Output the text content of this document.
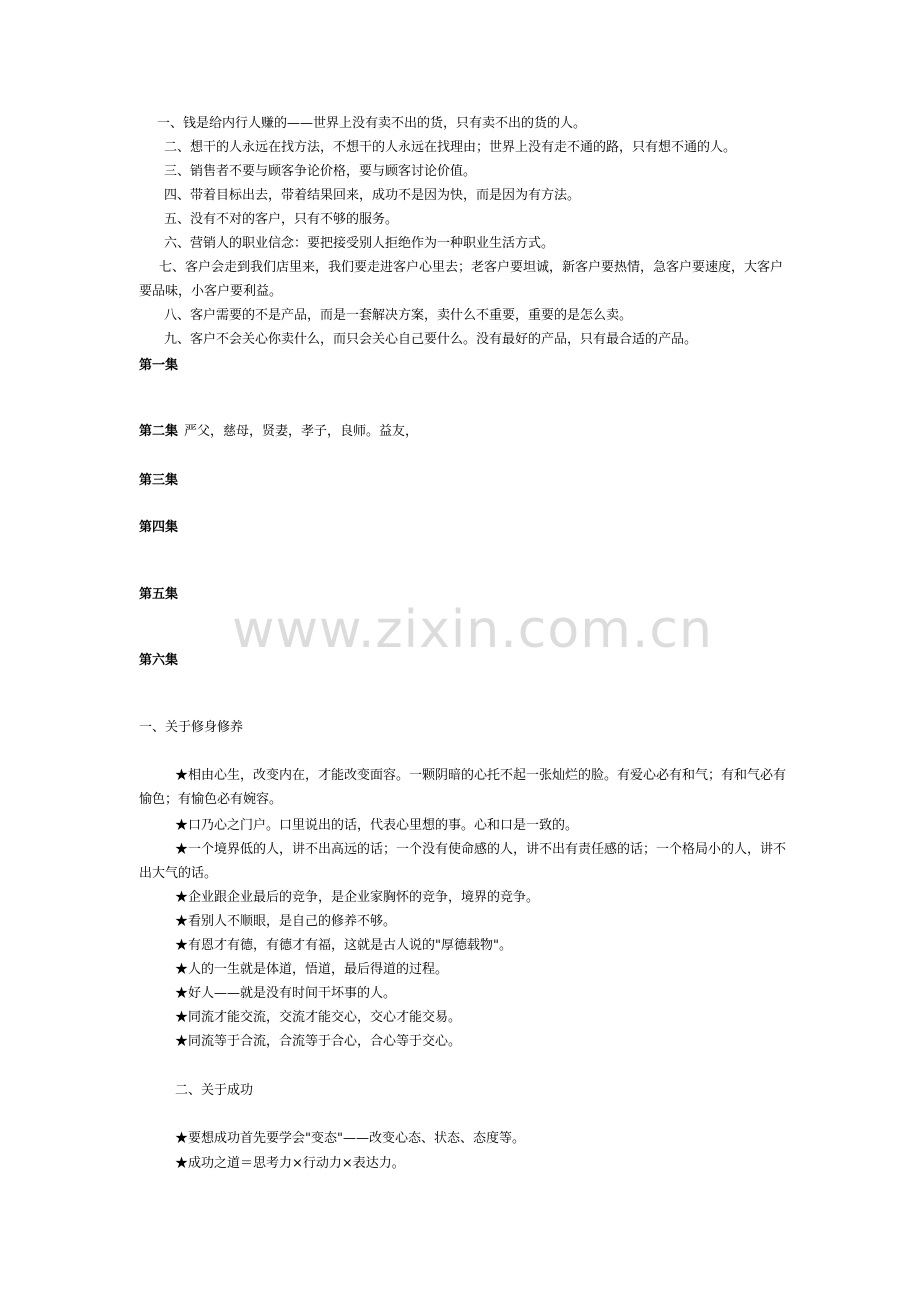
www.zixin.com.cn
一、钱是给内行人赚的——世界上没有卖不出的货，只有卖不出的货的人。
二、想干的人永远在找方法，不想干的人永远在找理由；世界上没有走不通的路，只有想不通的人。
三、销售者不要与顾客争论价格，要与顾客讨论价值。
四、带着目标出去，带着结果回来，成功不是因为快，而是因为有方法。
五、没有不对的客户，只有不够的服务。
六、营销人的职业信念：要把接受别人拒绝作为一种职业生活方式。
七、客户会走到我们店里来，我们要走进客户心里去；老客户要坦诚，新客户要热情，急客户要速度，大客户要品味，小客户要利益。
八、客户需要的不是产品，而是一套解决方案，卖什么不重要，重要的是怎么卖。
九、客户不会关心你卖什么，而只会关心自己要什么。没有最好的产品，只有最合适的产品。
第一集
第二集 严父，慈母，贤妻，孝子，良师。益友，
第三集
第四集
第五集
第六集
一、关于修身修养
★相由心生，改变内在，才能改变面容。一颗阴暗的心托不起一张灿烂的脸。有爱心必有和气；有和气必有愉色；有愉色必有婉容。
★口乃心之门户。口里说出的话，代表心里想的事。心和口是一致的。
★一个境界低的人，讲不出高远的话；一个没有使命感的人，讲不出有责任感的话；一个格局小的人，讲不出大气的话。
★企业跟企业最后的竞争，是企业家胸怀的竞争，境界的竞争。
★看别人不顺眼，是自己的修养不够。
★有恩才有德，有德才有福，这就是古人说的"厚德载物"。
★人的一生就是体道，悟道，最后得道的过程。
★好人——就是没有时间干坏事的人。
★同流才能交流，交流才能交心，交心才能交易。
★同流等于合流，合流等于合心，合心等于交心。
二、关于成功
★要想成功首先要学会"变态"——改变心态、状态、态度等。
★成功之道＝思考力×行动力×表达力。
